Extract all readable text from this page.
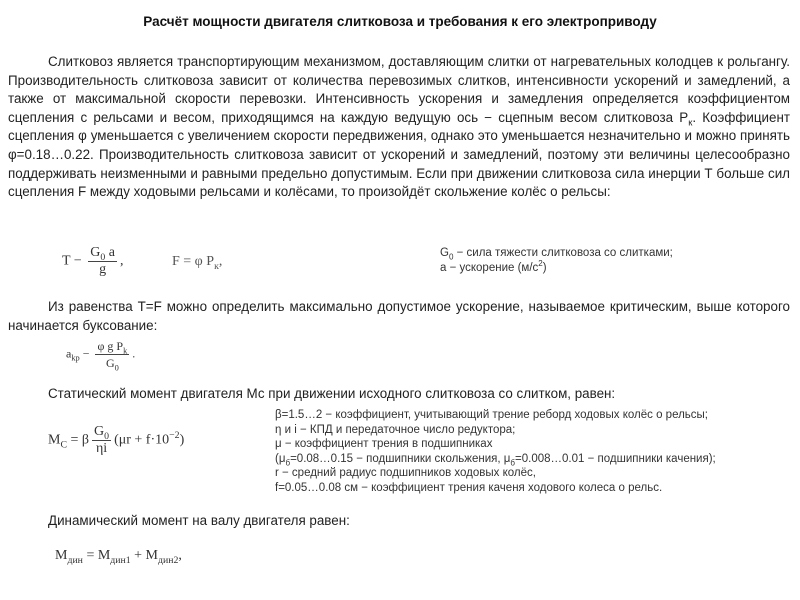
Расчёт мощности двигателя слитковоза и требования к его электроприводу
Слитковоз является транспортирующим механизмом, доставляющим слитки от нагревательных колодцев к рольгангу. Производительность слитковоза зависит от количества перевозимых слитков, интенсивности ускорений и замедлений, а также от максимальной скорости перевозки. Интенсивность ускорения и замедления определяется коэффициентом сцепления с рельсами и весом, приходящимся на каждую ведущую ось − сцепным весом слитковоза $Р_к$. Коэффициент сцепления φ уменьшается с увеличением скорости передвижения, однако это уменьшается незначительно и можно принять φ=0.18…0.22. Производительность слитковоза зависит от ускорений и замедлений, поэтому эти величины целесообразно поддерживать неизменными и равными предельно допустимым. Если при движении слитковоза сила инерции Т больше сил сцепления F между ходовыми рельсами и колёсами, то произойдёт скольжение колёс о рельсы:
$T - \frac{G_0 a}{g}$ ,	F = φ $P_к$,
$G_0$ − сила тяжести слитковоза со слитками;
а − ускорение $(м/с^2)$
Из равенства Т=F можно определить максимально допустимое ускорение, называемое критическим, выше которого начинается буксование:
$a_{kp} - \frac{\varphi g P_k}{G_0}$ .
Статический момент двигателя Мс при движении исходного слитковоза со слитком, равен:
$M_C = \beta \frac{G_0}{\eta i} (\mu r + f\cdot 10^{-2})$
β=1.5…2 − коэффициент, учитывающий трение реборд ходовых колёс о рельсы;
η и i − КПД и передаточное число редуктора;
μ − коэффициент трения в подшипниках
($\mu_б=0.08\dots 0.15$ − подшипники скольжения, $\mu_б=0.008\dots 0.01$ − подшипники качения);
r − средний радиус подшипников ходовых колёс,
f=0.05…0.08 см − коэффициент трения каченя ходового колеса о рельс.
Динамический момент на валу двигателя равен:
$M_{дин} = M_{дин1} + M_{дин2}$,
